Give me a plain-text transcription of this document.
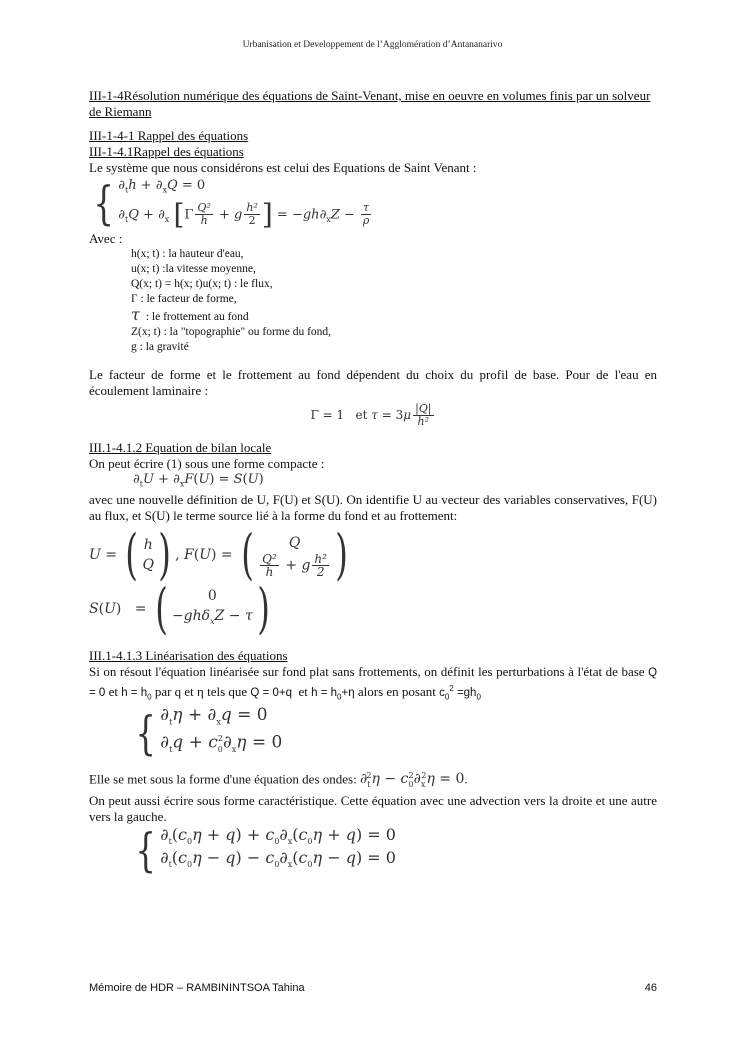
Urbanisation et Developpement de l’Agglomération d’Antananarivo

III-1-4Résolution numérique des équations de Saint-Venant, mise en oeuvre en volumes finis par un solveur de Riemann

III-1-4-1 Rappel des équations

III-1-4.1Rappel des équations

Le système que nous considérons est celui des Equations de Saint Venant :

{ $\partial_th + \partial_xQ = 0$
$\partial_tQ + \partial_x$ [$\Gamma \frac{\text{Q²}}{h} + g \frac{\text{h²}}{2}$ ] = $-gh\partial_xZ - \frac{\tau}{\rho}$

Avec :

h(x; t) : la hauteur d'eau,
u(x; t) :la vitesse moyenne,
Q(x; t) = h(x; t)u(x; t) : le flux,
Γ : le facteur de forme,
τ : le frottement au fond
Z(x; t) : la "topographie" ou forme du fond,
g : la gravité

Le facteur de forme et le frottement au fond dépendent du choix du profil de base. Pour de l'eau en écoulement laminaire :

Γ = 1   et $\tau = 3\mu \frac{|Q|}{\text{h²}}$

III.1-4.1.2 Equation de bilan locale

On peut écrire (1) sous une forme compacte :

$\partial_tU + \partial_xF(U) = S(U)$

avec une nouvelle définition de U, F(U) et S(U). On identifie U au vecteur des variables conservatives, F(U) au flux, et S(U) le terme source lié à la forme du fond et au frottement:

U = ( h
Q ) , F ( U ) = ( Q
$\frac{\text{Q²}}{h} + g \frac{\text{h²}}{2}$ )
S ( U )   = (	0
−ghδ$_x$Z − τ )

III.1-4.1.3 Linéarisation des équations

Si on résout l'équation linéarisée sur fond plat sans frottements, on définit les perturbations à l'état de base Q = 0 et $h = h_0$ par q et η tels que Q = 0+q et $h = h_0+\eta$ alors en posant $c_0^2 =gh_0$

{ $\partial_t\eta + \partial_xq = 0$
$\partial_tq + c_0^2\partial_x\eta = 0$

Elle se met sous la forme d'une équation des ondes: $\partial_t^2\eta - c_0^2\partial_x^2\eta = 0$.

On peut aussi écrire sous forme caractéristique. Cette équation avec une advection vers la droite et une autre vers la gauche.

{ $\partial_t(c_0\eta + q) + c_0\partial_x(c_0\eta + q) = 0$
$\partial_t(c_0\eta - q) - c_0\partial_x(c_0\eta - q) = 0$
Mémoire de HDR – RAMBININTSOA Tahina	46
